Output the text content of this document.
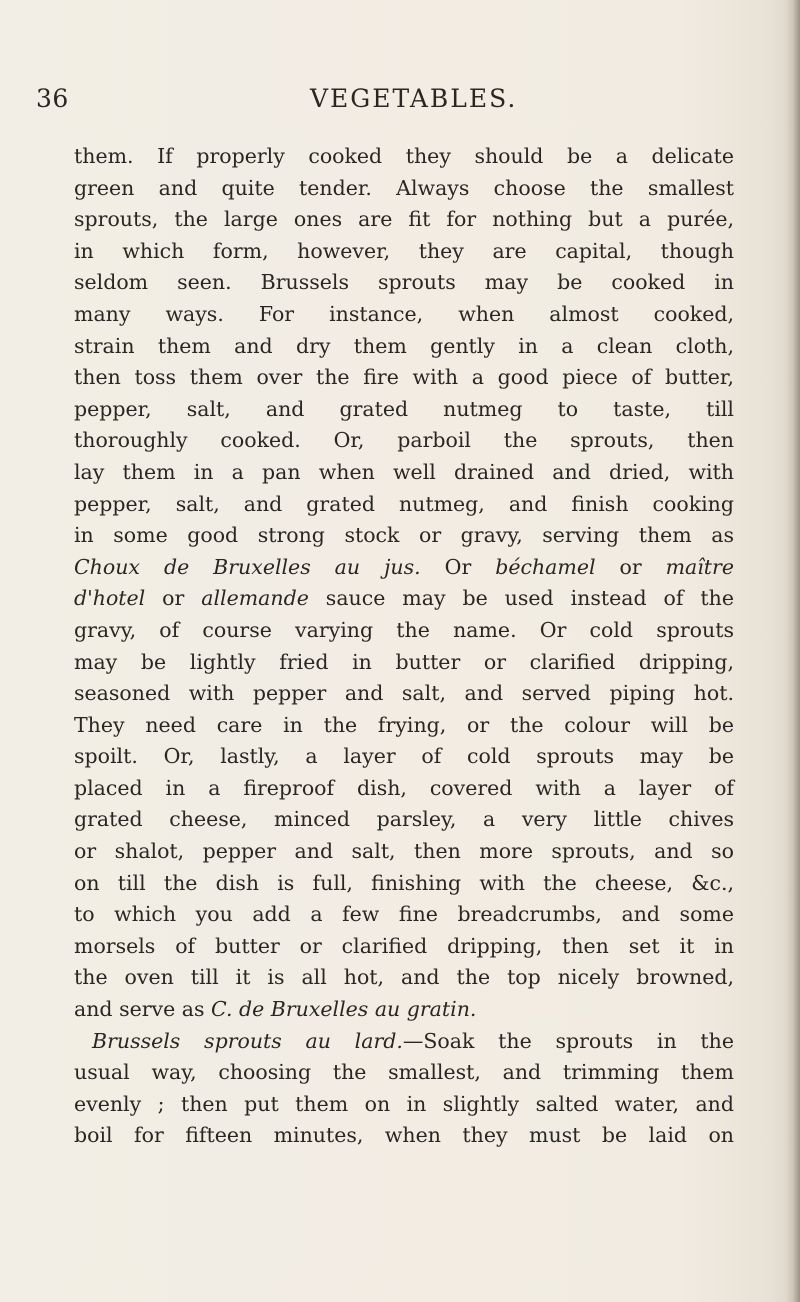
36	VEGETABLES.
them. If properly cooked they should be a delicate
green and quite tender. Always choose the smallest
sprouts, the large ones are fit for nothing but a purée,
in which form, however, they are capital, though
seldom seen. Brussels sprouts may be cooked in
many ways. For instance, when almost cooked,
strain them and dry them gently in a clean cloth,
then toss them over the fire with a good piece of butter,
pepper, salt, and grated nutmeg to taste, till
thoroughly cooked. Or, parboil the sprouts, then
lay them in a pan when well drained and dried, with
pepper, salt, and grated nutmeg, and finish cooking
in some good strong stock or gravy, serving them as
Choux de Bruxelles au jus. Or béchamel or maître
d'hotel or allemande sauce may be used instead of the
gravy, of course varying the name. Or cold sprouts
may be lightly fried in butter or clarified dripping,
seasoned with pepper and salt, and served piping hot.
They need care in the frying, or the colour will be
spoilt. Or, lastly, a layer of cold sprouts may be
placed in a fireproof dish, covered with a layer of
grated cheese, minced parsley, a very little chives
or shalot, pepper and salt, then more sprouts, and so
on till the dish is full, finishing with the cheese, &c.,
to which you add a few fine breadcrumbs, and some
morsels of butter or clarified dripping, then set it in
the oven till it is all hot, and the top nicely browned,
and serve as C. de Bruxelles au gratin.
Brussels sprouts au lard.—Soak the sprouts in the
usual way, choosing the smallest, and trimming them
evenly ; then put them on in slightly salted water, and
boil for fifteen minutes, when they must be laid on
